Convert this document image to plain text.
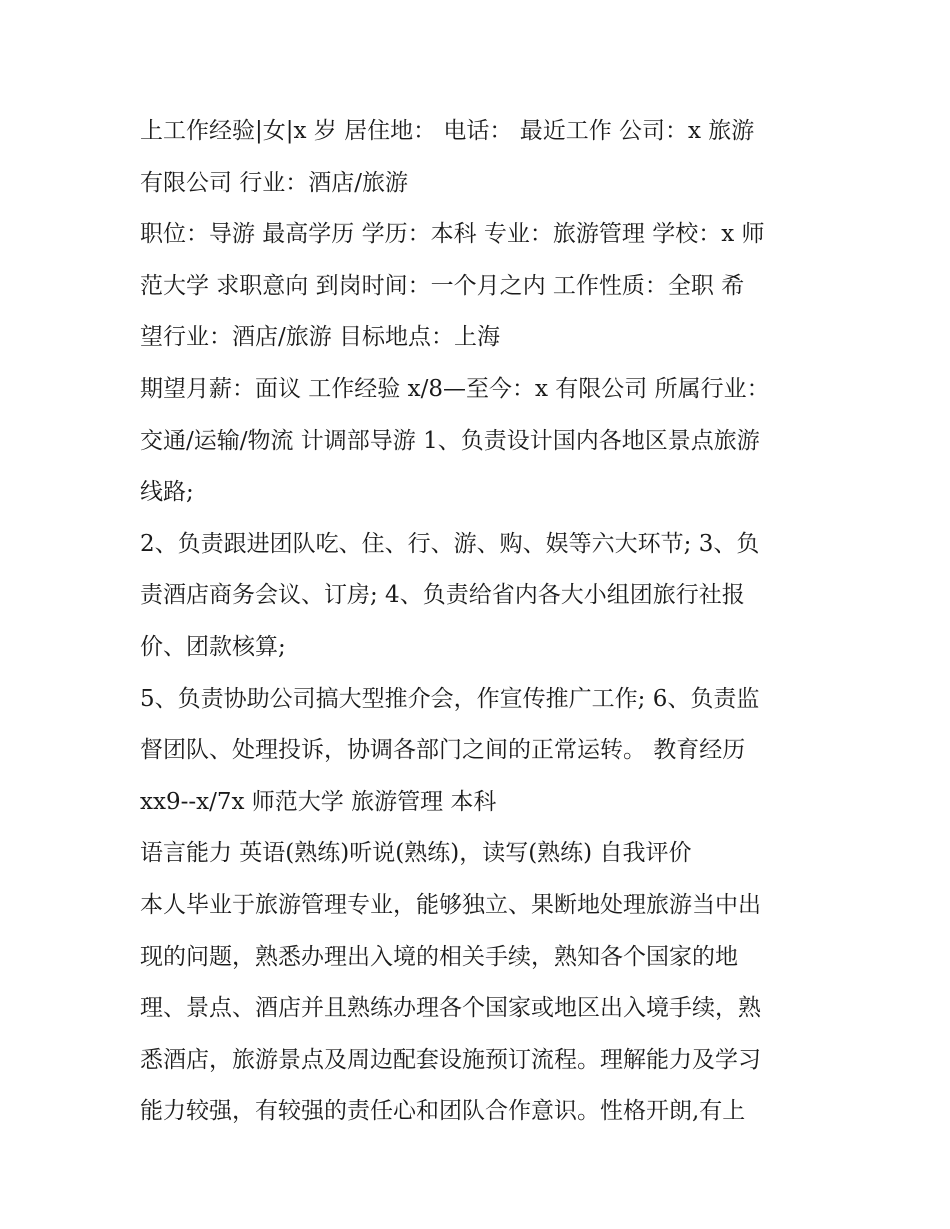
上工作经验|女|x 岁 居住地： 电话： 最近工作 公司：x 旅游
有限公司 行业：酒店/旅游
职位：导游 最高学历 学历：本科 专业：旅游管理 学校：x 师
范大学 求职意向 到岗时间：一个月之内 工作性质：全职 希
望行业：酒店/旅游 目标地点：上海
期望月薪：面议 工作经验 x/8—至今：x 有限公司 所属行业：
交通/运输/物流 计调部导游 1、负责设计国内各地区景点旅游
线路;
2、负责跟进团队吃、住、行、游、购、娱等六大环节; 3、负
责酒店商务会议、订房; 4、负责给省内各大小组团旅行社报
价、团款核算;
5、负责协助公司搞大型推介会，作宣传推广工作; 6、负责监
督团队、处理投诉，协调各部门之间的正常运转。 教育经历
xx9--x/7x 师范大学 旅游管理 本科
语言能力 英语(熟练)听说(熟练)，读写(熟练) 自我评价
本人毕业于旅游管理专业，能够独立、果断地处理旅游当中出
现的问题，熟悉办理出入境的相关手续，熟知各个国家的地
理、景点、酒店并且熟练办理各个国家或地区出入境手续，熟
悉酒店，旅游景点及周边配套设施预订流程。理解能力及学习
能力较强，有较强的责任心和团队合作意识。性格开朗,有上
